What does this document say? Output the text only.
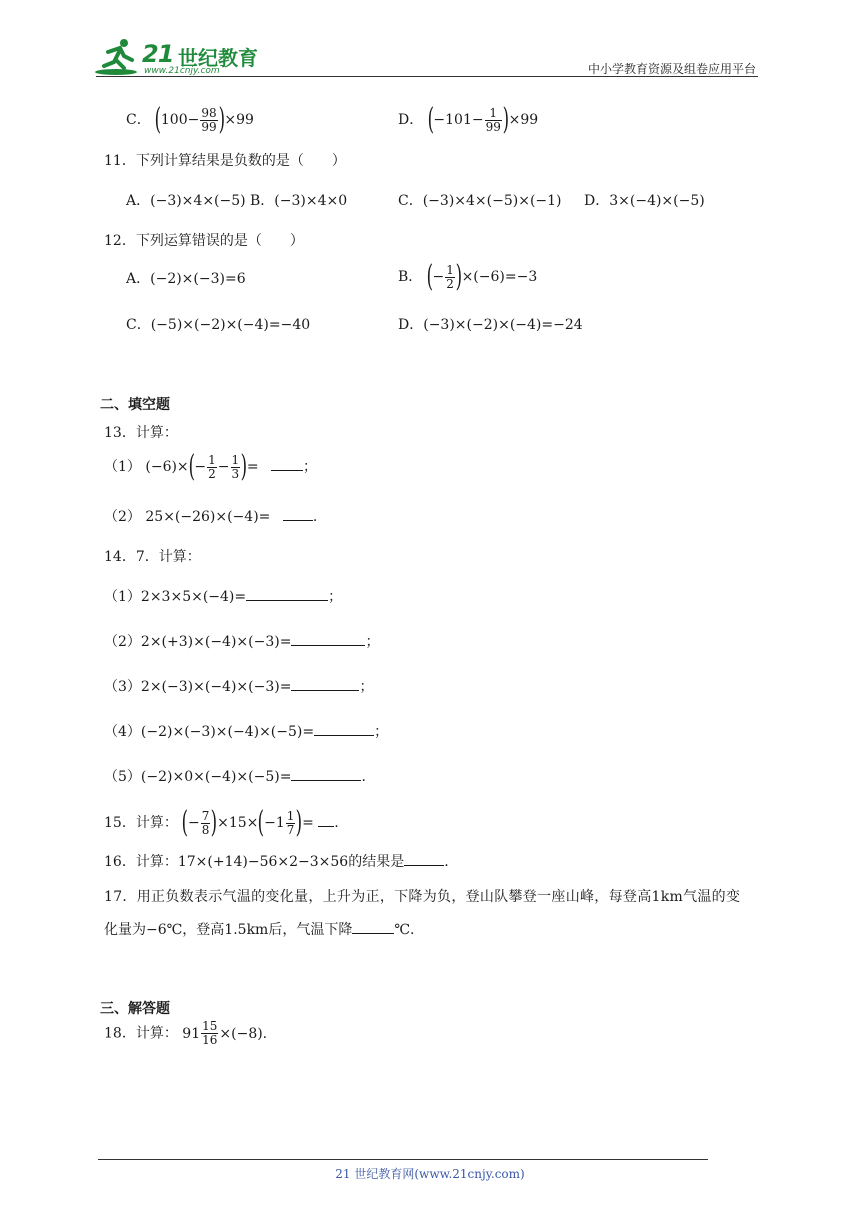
21 世纪教育
www.21cnjy.com	中小学教育资源及组卷应用平台
C． $(100- \frac{98}{99} )\times 99$	D． $(-101- \frac{1}{99} )\times 99$
11．下列计算结果是负数的是（　　）
A．(−3)×4×(−5) B．(−3)×4×0	C．(−3)×4×(−5)×(−1) D．3×(−4)×(−5)
12．下列运算错误的是（　　）
A．(−2)×(−3)=6	B． (− $\frac{1}{2} )\times(-6)=-3$
C．(−5)×(−2)×(−4)=−40	D．(−3)×(−2)×(−4)=−24
二、填空题
13．计算：
（1） $(-6)\times(- \frac{1}{2} - \frac{1}{3}$ )=	；
（2） 25×(−26)×(−4)=	.
14．7．计算：
（1）2×3×5×(−4)=	；
（2）2×(+3)×(−4)×(−3)=	；
（3）2×(−3)×(−4)×(−3)=	；
（4）(−2)×(−3)×(−4)×(−5)=	；
（5）(−2)×0×(−4)×(−5)=	.
15．计算： (− $\frac{7}{8} )\times 15\times(-1 \frac{1}{7}$ )= .
16．计算：17×(+14)−56×2−3×56的结果是	.
17．用正负数表示气温的变化量，上升为正，下降为负，登山队攀登一座山峰，每登高1km气温的变
化量为−6℃，登高1.5km后，气温下降	℃.
三、解答题
18．计算： $91 \frac{15}{16} \times(-8)$.
21 世纪教育网(www.21cnjy.com)
